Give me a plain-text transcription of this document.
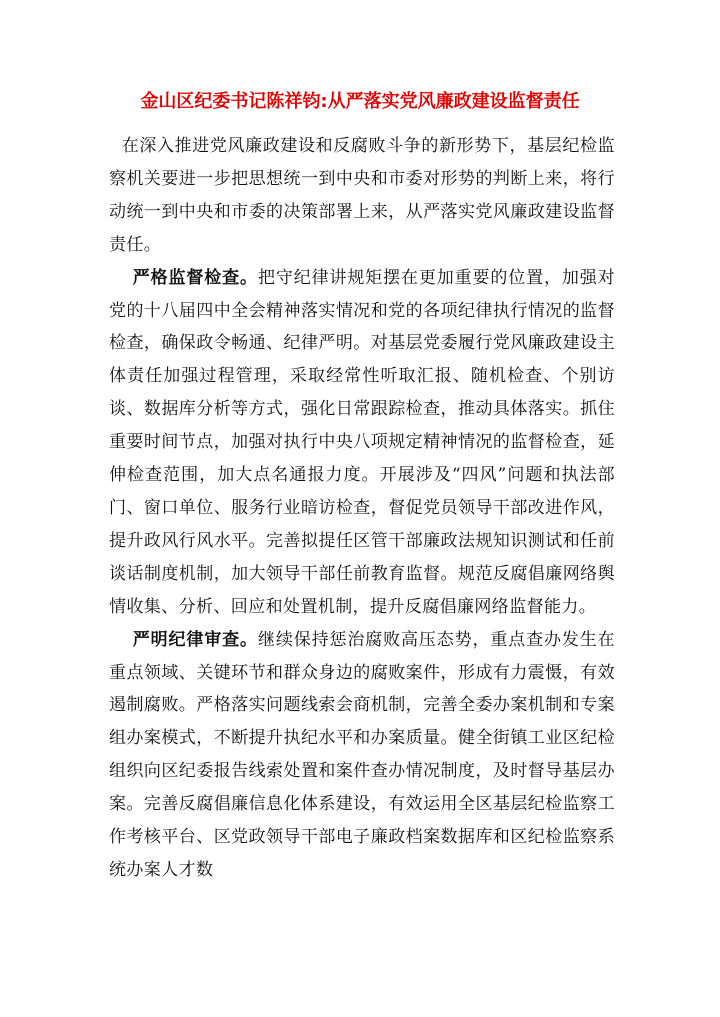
金山区纪委书记陈祥钧:从严落实党风廉政建设监督责任

在深入推进党风廉政建设和反腐败斗争的新形势下，基层纪检监察机关要进一步把思想统一到中央和市委对形势的判断上来，将行动统一到中央和市委的决策部署上来，从严落实党风廉政建设监督责任。

严格监督检查。把守纪律讲规矩摆在更加重要的位置，加强对党的十八届四中全会精神落实情况和党的各项纪律执行情况的监督检查，确保政令畅通、纪律严明。对基层党委履行党风廉政建设主体责任加强过程管理，采取经常性听取汇报、随机检查、个别访谈、数据库分析等方式，强化日常跟踪检查，推动具体落实。抓住重要时间节点，加强对执行中央八项规定精神情况的监督检查，延伸检查范围，加大点名通报力度。开展涉及“四风”问题和执法部门、窗口单位、服务行业暗访检查，督促党员领导干部改进作风，提升政风行风水平。完善拟提任区管干部廉政法规知识测试和任前谈话制度机制，加大领导干部任前教育监督。规范反腐倡廉网络舆情收集、分析、回应和处置机制，提升反腐倡廉网络监督能力。

严明纪律审查。继续保持惩治腐败高压态势，重点查办发生在重点领域、关键环节和群众身边的腐败案件，形成有力震慑，有效遏制腐败。严格落实问题线索会商机制，完善全委办案机制和专案组办案模式，不断提升执纪水平和办案质量。健全街镇工业区纪检组织向区纪委报告线索处置和案件查办情况制度，及时督导基层办案。完善反腐倡廉信息化体系建设，有效运用全区基层纪检监察工作考核平台、区党政领导干部电子廉政档案数据库和区纪检监察系统办案人才数
